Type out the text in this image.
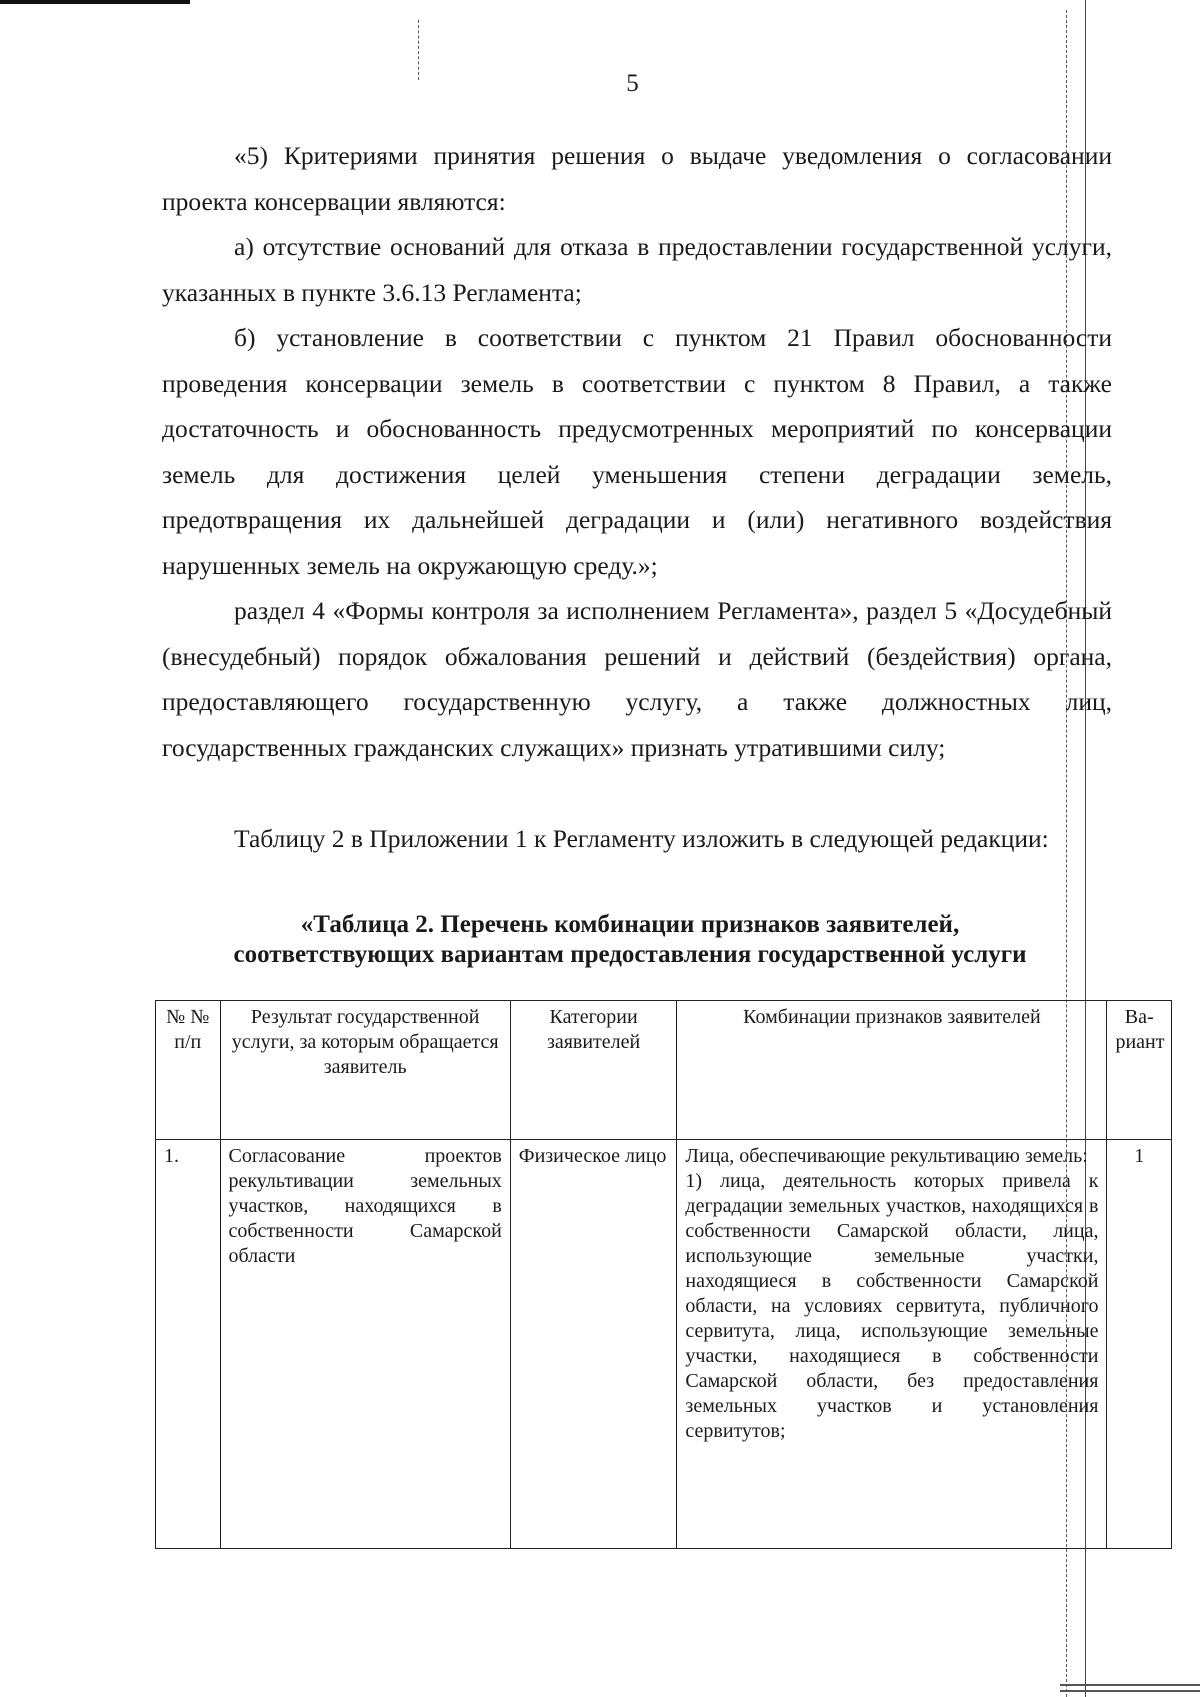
5

«5) Критериями принятия решения о выдаче уведомления о согласовании проекта консервации являются:

а) отсутствие оснований для отказа в предоставлении государственной услуги, указанных в пункте 3.6.13 Регламента;

б) установление в соответствии с пунктом 21 Правил обоснованности проведения консервации земель в соответствии с пунктом 8 Правил, а также достаточность и обоснованность предусмотренных мероприятий по консервации земель для достижения целей уменьшения степени деградации земель, предотвращения их дальнейшей деградации и (или) негативного воздействия нарушенных земель на окружающую среду.»;

раздел 4 «Формы контроля за исполнением Регламента», раздел 5 «Досудебный (внесудебный) порядок обжалования решений и действий (бездействия) органа, предоставляющего государственную услугу, а также должностных лиц, государственных гражданских служащих» признать утратившими силу;

Таблицу 2 в Приложении 1 к Регламенту изложить в следующей редакции:

«Таблица 2. Перечень комбинации признаков заявителей,
соответствующих вариантам предоставления государственной услуги
№ № п/п	Результат государственной услуги, за которым обращается заявитель	Категории заявителей	Комбинации признаков заявителей	Ва-риант
1.	Согласование проектов рекультивации земельных участков, находящихся в собственности Самарской области	Физическое лицо	Лица, обеспечивающие рекультивацию земель:
1) лица, деятельность которых привела к деградации земельных участков, находящихся в собственности Самарской области, лица, использующие земельные участки, находящиеся в собственности Самарской области, на условиях сервитута, публичного сервитута, лица, использующие земельные участки, находящиеся в собственности Самарской области, без предоставления земельных участков и установления сервитутов;	1
